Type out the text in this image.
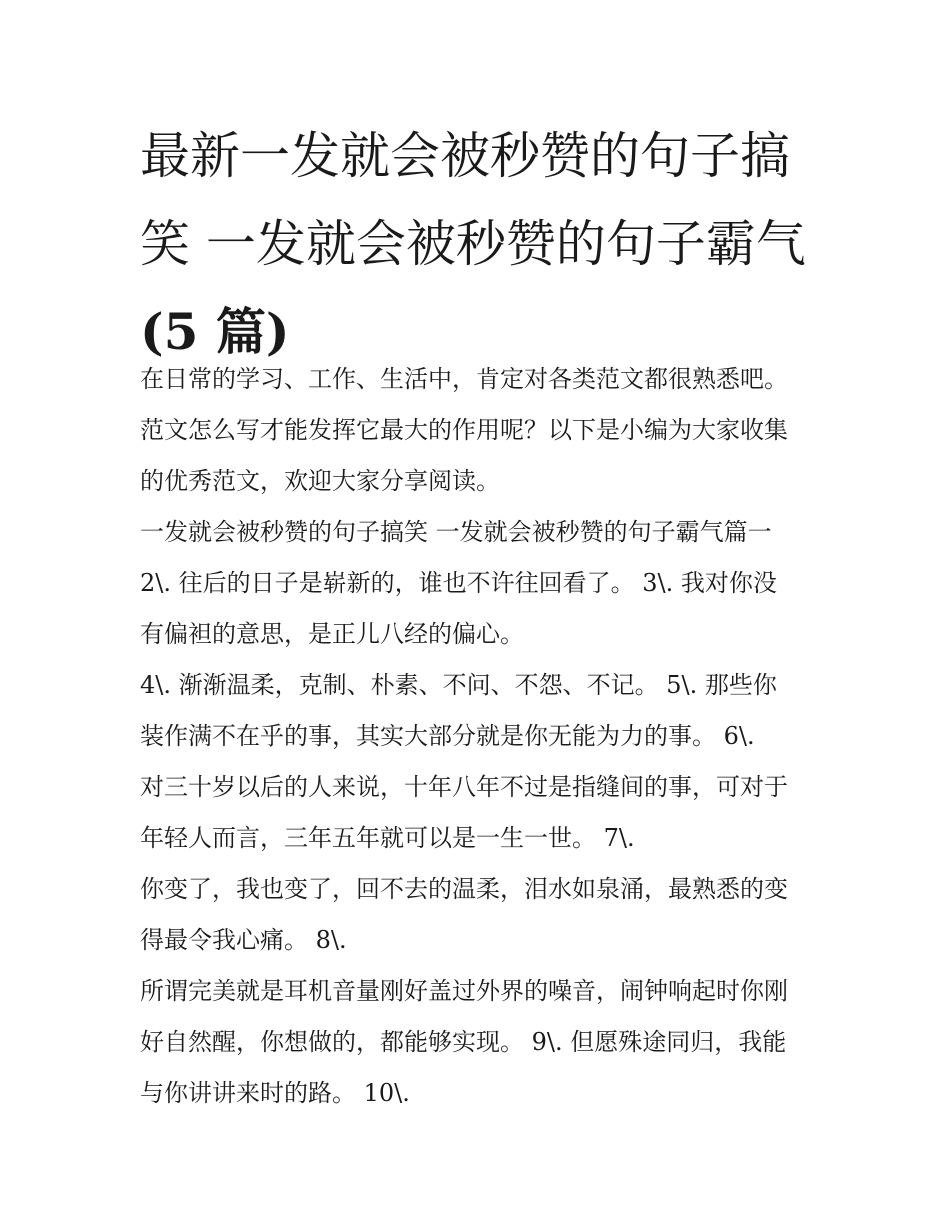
最新一发就会被秒赞的句子搞
笑 一发就会被秒赞的句子霸气
(5 篇)

在日常的学习、工作、生活中，肯定对各类范文都很熟悉吧。

范文怎么写才能发挥它最大的作用呢？以下是小编为大家收集

的优秀范文，欢迎大家分享阅读。

一发就会被秒赞的句子搞笑 一发就会被秒赞的句子霸气篇一

2\. 往后的日子是崭新的，谁也不许往回看了。 3\. 我对你没

有偏袒的意思，是正儿八经的偏心。

4\. 渐渐温柔，克制、朴素、不问、不怨、不记。 5\. 那些你

装作满不在乎的事，其实大部分就是你无能为力的事。 6\.

对三十岁以后的人来说，十年八年不过是指缝间的事，可对于

年轻人而言，三年五年就可以是一生一世。 7\.

你变了，我也变了，回不去的温柔，泪水如泉涌，最熟悉的变

得最令我心痛。 8\.

所谓完美就是耳机音量刚好盖过外界的噪音，闹钟响起时你刚

好自然醒，你想做的，都能够实现。 9\. 但愿殊途同归，我能

与你讲讲来时的路。 10\.
